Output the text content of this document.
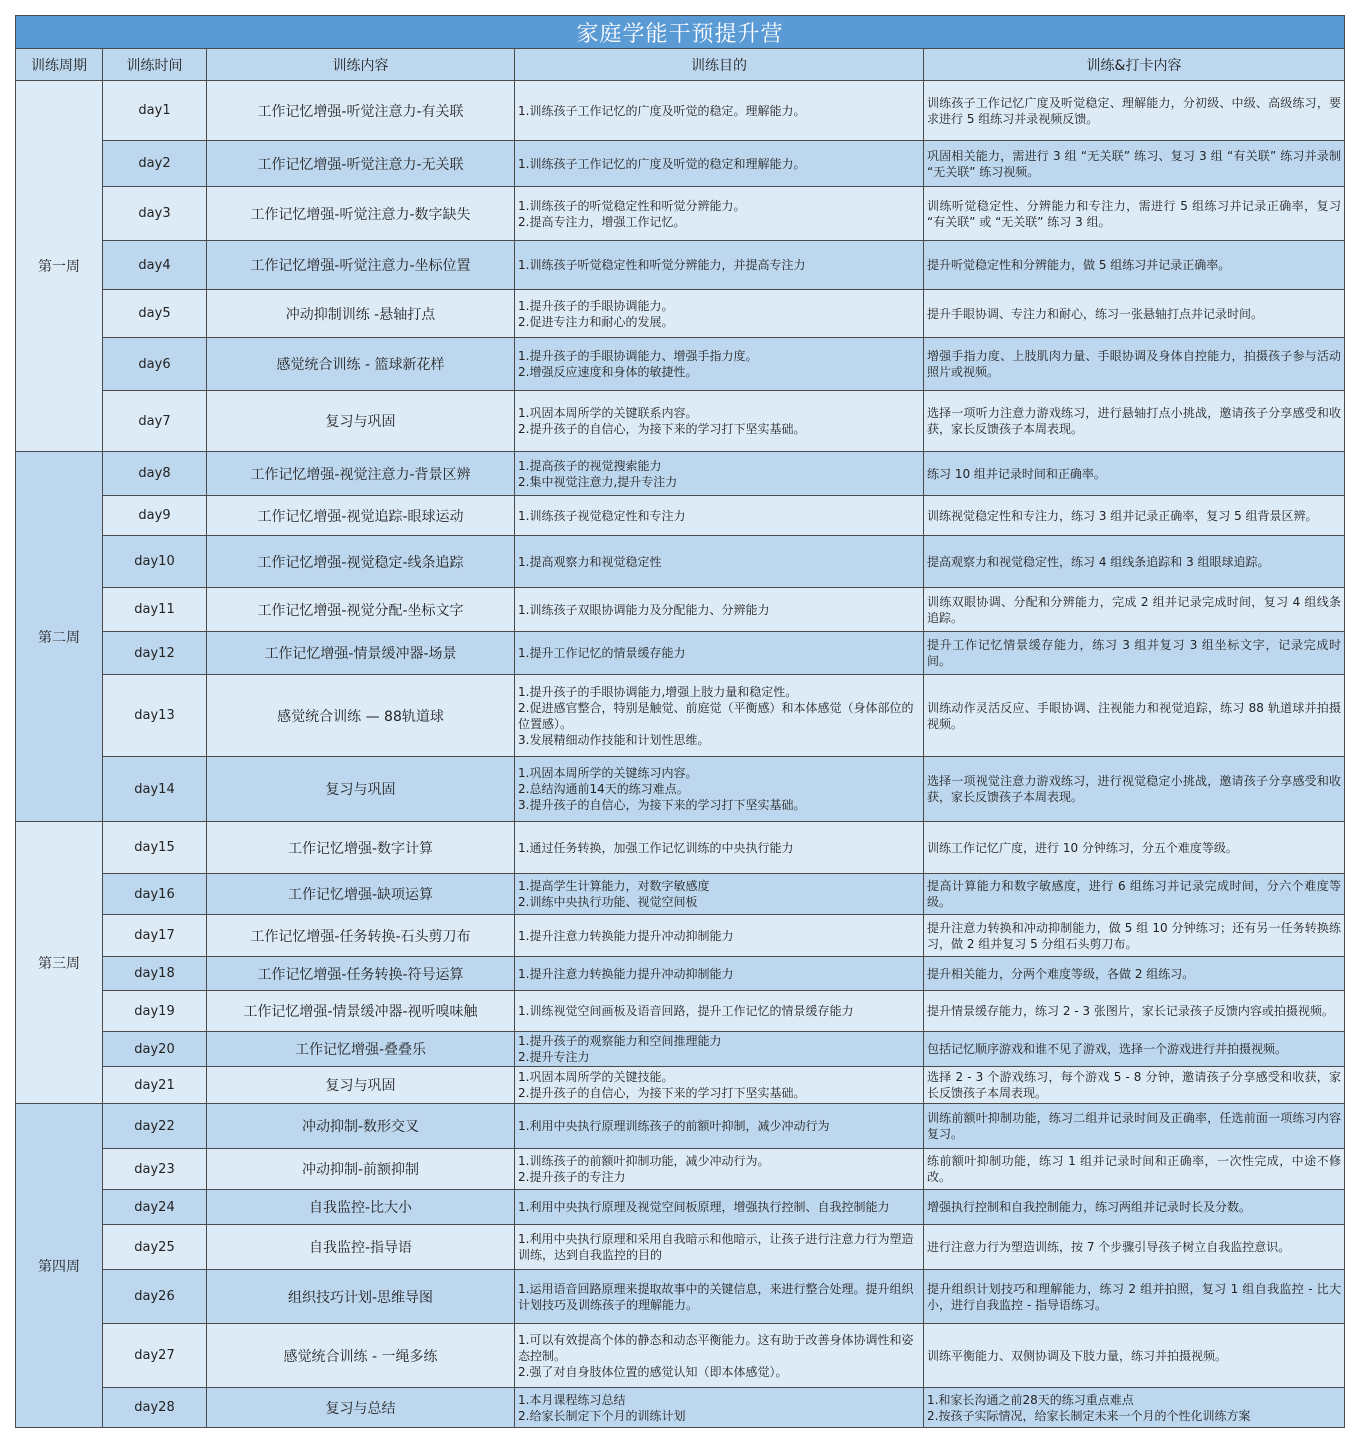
家庭学能干预提升营				
训练周期	训练时间	训练内容	训练目的	训练&打卡内容
第一周	day1	工作记忆增强-听觉注意力-有关联	1.训练孩子工作记忆的广度及听觉的稳定。理解能力。	训练孩子工作记忆广度及听觉稳定、理解能力，分初级、中级、高级练习，要求进行 5 组练习并录视频反馈。
	day2	工作记忆增强-听觉注意力-无关联	1.训练孩子工作记忆的广度及听觉的稳定和理解能力。	巩固相关能力，需进行 3 组 “无关联” 练习、复习 3 组 “有关联” 练习并录制 “无关联” 练习视频。
	day3	工作记忆增强-听觉注意力-数字缺失	1.训练孩子的听觉稳定性和听觉分辨能力。
2.提高专注力，增强工作记忆。	训练听觉稳定性、分辨能力和专注力，需进行 5 组练习并记录正确率，复习 “有关联” 或 “无关联” 练习 3 组。
	day4	工作记忆增强-听觉注意力-坐标位置	1.训练孩子听觉稳定性和听觉分辨能力，并提高专注力	提升听觉稳定性和分辨能力，做 5 组练习并记录正确率。
	day5	冲动抑制训练 -悬轴打点	1.提升孩子的手眼协调能力。
2.促进专注力和耐心的发展。	提升手眼协调、专注力和耐心，练习一张悬轴打点并记录时间。
	day6	感觉统合训练 - 篮球新花样	1.提升孩子的手眼协调能力、增强手指力度。
2.增强反应速度和身体的敏捷性。	增强手指力度、上肢肌肉力量、手眼协调及身体自控能力，拍摄孩子参与活动照片或视频。
	day7	复习与巩固	1.巩固本周所学的关键联系内容。
2.提升孩子的自信心，为接下来的学习打下坚实基础。	选择一项听力注意力游戏练习，进行悬轴打点小挑战，邀请孩子分享感受和收获，家长反馈孩子本周表现。
第二周	day8	工作记忆增强-视觉注意力-背景区辨	1.提高孩子的视觉搜索能力
2.集中视觉注意力,提升专注力	练习 10 组并记录时间和正确率。
	day9	工作记忆增强-视觉追踪-眼球运动	1.训练孩子视觉稳定性和专注力	训练视觉稳定性和专注力，练习 3 组并记录正确率，复习 5 组背景区辨。
	day10	工作记忆增强-视觉稳定-线条追踪	1.提高观察力和视觉稳定性	提高观察力和视觉稳定性，练习 4 组线条追踪和 3 组眼球追踪。
	day11	工作记忆增强-视觉分配-坐标文字	1.训练孩子双眼协调能力及分配能力、分辨能力	训练双眼协调、分配和分辨能力，完成 2 组并记录完成时间，复习 4 组线条追踪。
	day12	工作记忆增强-情景缓冲器-场景	1.提升工作记忆的情景缓存能力	提升工作记忆情景缓存能力，练习 3 组并复习 3 组坐标文字，记录完成时间。
	day13	感觉统合训练 — 88轨道球	1.提升孩子的手眼协调能力,增强上肢力量和稳定性。
2.促进感官整合，特别是触觉、前庭觉（平衡感）和本体感觉（身体部位的位置感）。
3.发展精细动作技能和计划性思维。	训练动作灵活反应、手眼协调、注视能力和视觉追踪，练习 88 轨道球并拍摄视频。
	day14	复习与巩固	1.巩固本周所学的关键练习内容。
2.总结沟通前14天的练习难点。
3.提升孩子的自信心，为接下来的学习打下坚实基础。	选择一项视觉注意力游戏练习，进行视觉稳定小挑战，邀请孩子分享感受和收获，家长反馈孩子本周表现。
第三周	day15	工作记忆增强-数字计算	1.通过任务转换，加强工作记忆训练的中央执行能力	训练工作记忆广度，进行 10 分钟练习，分五个难度等级。
	day16	工作记忆增强-缺项运算	1.提高学生计算能力，对数字敏感度
2.训练中央执行功能、视觉空间板	提高计算能力和数字敏感度，进行 6 组练习并记录完成时间，分六个难度等级。
	day17	工作记忆增强-任务转换-石头剪刀布	1.提升注意力转换能力提升冲动抑制能力	提升注意力转换和冲动抑制能力，做 5 组 10 分钟练习；还有另一任务转换练习，做 2 组并复习 5 分组石头剪刀布。
	day18	工作记忆增强-任务转换-符号运算	1.提升注意力转换能力提升冲动抑制能力	提升相关能力，分两个难度等级，各做 2 组练习。
	day19	工作记忆增强-情景缓冲器-视听嗅味触	1.训练视觉空间画板及语音回路，提升工作记忆的情景缓存能力	提升情景缓存能力，练习 2 - 3 张图片，家长记录孩子反馈内容或拍摄视频。
	day20	工作记忆增强-叠叠乐	1.提升孩子的观察能力和空间推理能力
2.提升专注力	包括记忆顺序游戏和谁不见了游戏，选择一个游戏进行并拍摄视频。
	day21	复习与巩固	1.巩固本周所学的关键技能。
2.提升孩子的自信心，为接下来的学习打下坚实基础。	选择 2 - 3 个游戏练习，每个游戏 5 - 8 分钟，邀请孩子分享感受和收获，家长反馈孩子本周表现。
第四周	day22	冲动抑制-数形交叉	1.利用中央执行原理训练孩子的前额叶抑制，减少冲动行为	训练前额叶抑制功能，练习二组并记录时间及正确率，任选前面一项练习内容复习。
	day23	冲动抑制-前额抑制	1.训练孩子的前额叶抑制功能，减少冲动行为。
2.提升孩子的专注力	练前额叶抑制功能，练习 1 组并记录时间和正确率，一次性完成，中途不修改。
	day24	自我监控-比大小	1.利用中央执行原理及视觉空间板原理，增强执行控制、自我控制能力	增强执行控制和自我控制能力，练习两组并记录时长及分数。
	day25	自我监控-指导语	1.利用中央执行原理和采用自我暗示和他暗示，让孩子进行注意力行为塑造训练，达到自我监控的目的	进行注意力行为塑造训练，按 7 个步骤引导孩子树立自我监控意识。
	day26	组织技巧计划-思维导图	1.运用语音回路原理来提取故事中的关键信息，来进行整合处理。提升组织计划技巧及训练孩子的理解能力。	提升组织计划技巧和理解能力，练习 2 组并拍照，复习 1 组自我监控 - 比大小，进行自我监控 - 指导语练习。
	day27	感觉统合训练 - 一绳多练	1.可以有效提高个体的静态和动态平衡能力。这有助于改善身体协调性和姿态控制。
2.强了对自身肢体位置的感觉认知（即本体感觉）。	训练平衡能力、双侧协调及下肢力量，练习并拍摄视频。
	day28	复习与总结	1.本月课程练习总结
2.给家长制定下个月的训练计划	1.和家长沟通之前28天的练习重点难点
2.按孩子实际情况，给家长制定未来一个月的个性化训练方案
